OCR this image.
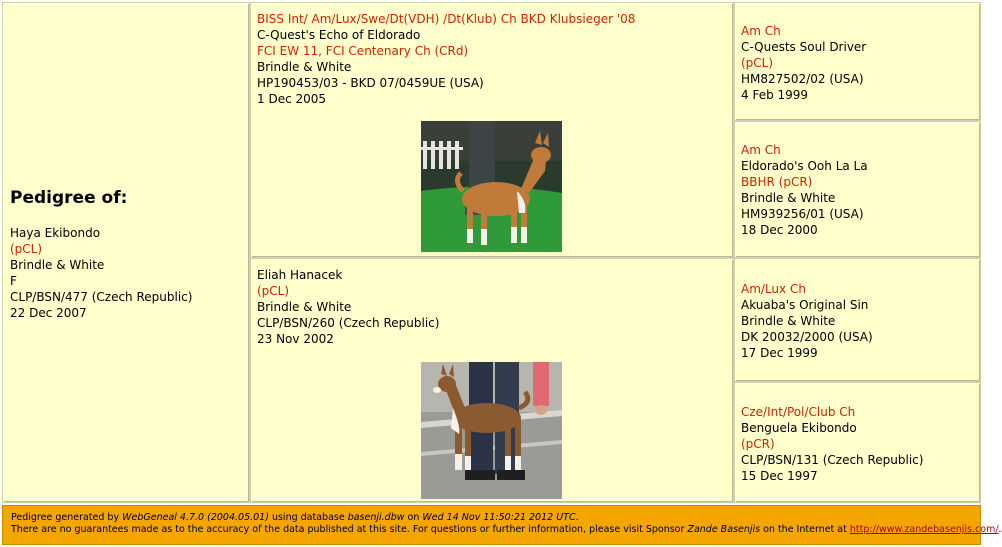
Pedigree of:
Haya Ekibondo
(pCL)
Brindle & White
F
CLP/BSN/477 (Czech Republic)
22 Dec 2007
BISS Int/ Am/Lux/Swe/Dt(VDH) /Dt(Klub) Ch BKD Klubsieger '08
C-Quest's Echo of Eldorado
FCI EW 11, FCI Centenary Ch (CRd)
Brindle & White
HP190453/03 - BKD 07/0459UE (USA)
1 Dec 2005
Eliah Hanacek
(pCL)
Brindle & White
CLP/BSN/260 (Czech Republic)
23 Nov 2002
Am Ch
C-Quests Soul Driver
(pCL)
HM827502/02 (USA)
4 Feb 1999
Am Ch
Eldorado's Ooh La La
BBHR (pCR)
Brindle & White
HM939256/01 (USA)
18 Dec 2000
Am/Lux Ch
Akuaba's Original Sin
Brindle & White
DK 20032/2000 (USA)
17 Dec 1999
Cze/Int/Pol/Club Ch
Benguela Ekibondo
(pCR)
CLP/BSN/131 (Czech Republic)
15 Dec 1997
Pedigree generated by WebGeneal 4.7.0 (2004.05.01) using database basenji.dbw on Wed 14 Nov 11:50:21 2012 UTC.
There are no guarantees made as to the accuracy of the data published at this site. For questions or further information, please visit Sponsor Zande Basenjis on the Internet at http://www.zandebasenjis.com/.
